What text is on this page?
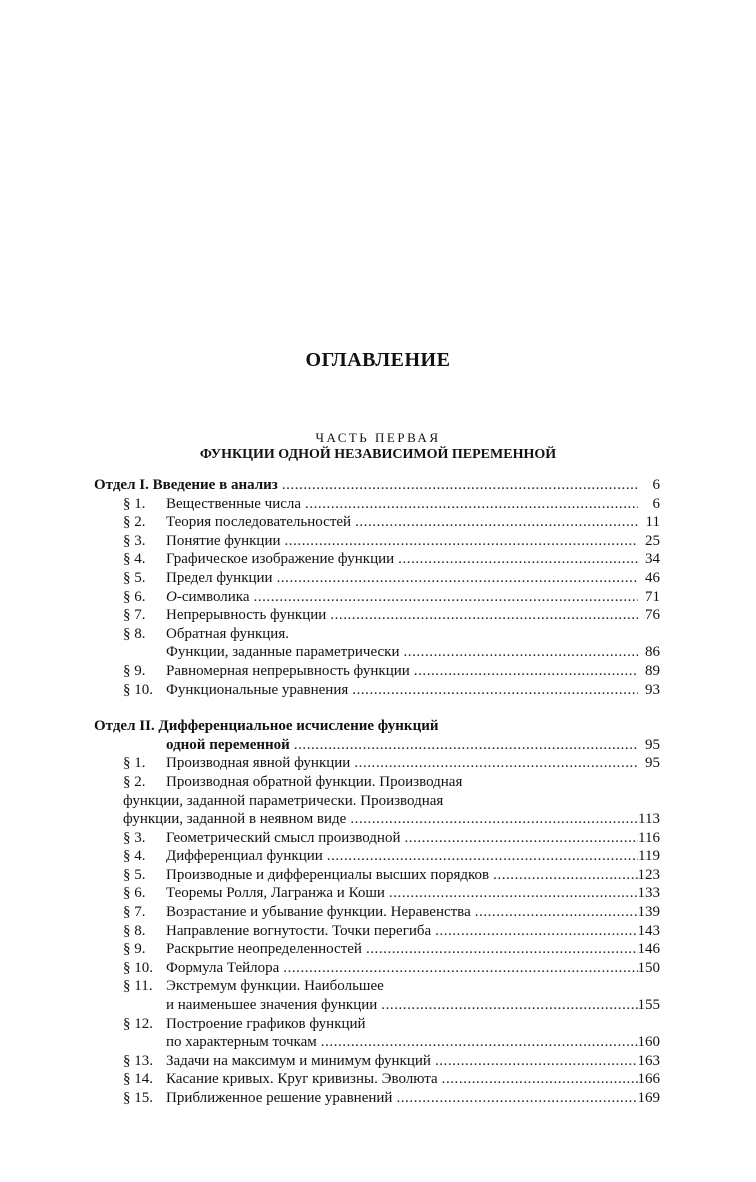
ОГЛАВЛЕНИЕ
ЧАСТЬ ПЕРВАЯ
ФУНКЦИИ ОДНОЙ НЕЗАВИСИМОЙ ПЕРЕМЕННОЙ
Отдел I. Введение в анализ . . .	6
§ 1.	Вещественные числа . . .	6
§ 2.	Теория последовательностей . . .	11
§ 3.	Понятие функции . . .	25
§ 4.	Графическое изображение функции . . .	34
§ 5.	Предел функции . . .	46
§ 6.	O-символика . . .	71
§ 7.	Непрерывность функции . . .	76
§ 8.	Обратная функция.
Функции, заданные параметрически . . .	86
§ 9.	Равномерная непрерывность функции . . .	89
§ 10. Функциональные уравнения . . .	93
Отдел II. Дифференциальное исчисление функций
одной переменной . . .	95
§ 1.	Производная явной функции . . .	95
§ 2.	Производная обратной функции. Производная
функции, заданной параметрически. Производная
функции, заданной в неявном виде . . .	113
§ 3.	Геометрический смысл производной . . .	116
§ 4.	Дифференциал функции . . .	119
§ 5.	Производные и дифференциалы высших порядков . . .	123
§ 6.	Теоремы Ролля, Лагранжа и Коши . . .	133
§ 7.	Возрастание и убывание функции. Неравенства . . .	139
§ 8.	Направление вогнутости. Точки перегиба . . .	143
§ 9.	Раскрытие неопределенностей . . .	146
§ 10. Формула Тейлора . . .	150
§ 11. Экстремум функции. Наибольшее
и наименьшее значения функции . . .	155
§ 12. Построение графиков функций
по характерным точкам . . .	160
§ 13. Задачи на максимум и минимум функций . . .	163
§ 14. Касание кривых. Круг кривизны. Эволюта . . .	166
§ 15. Приближенное решение уравнений . . .	169
